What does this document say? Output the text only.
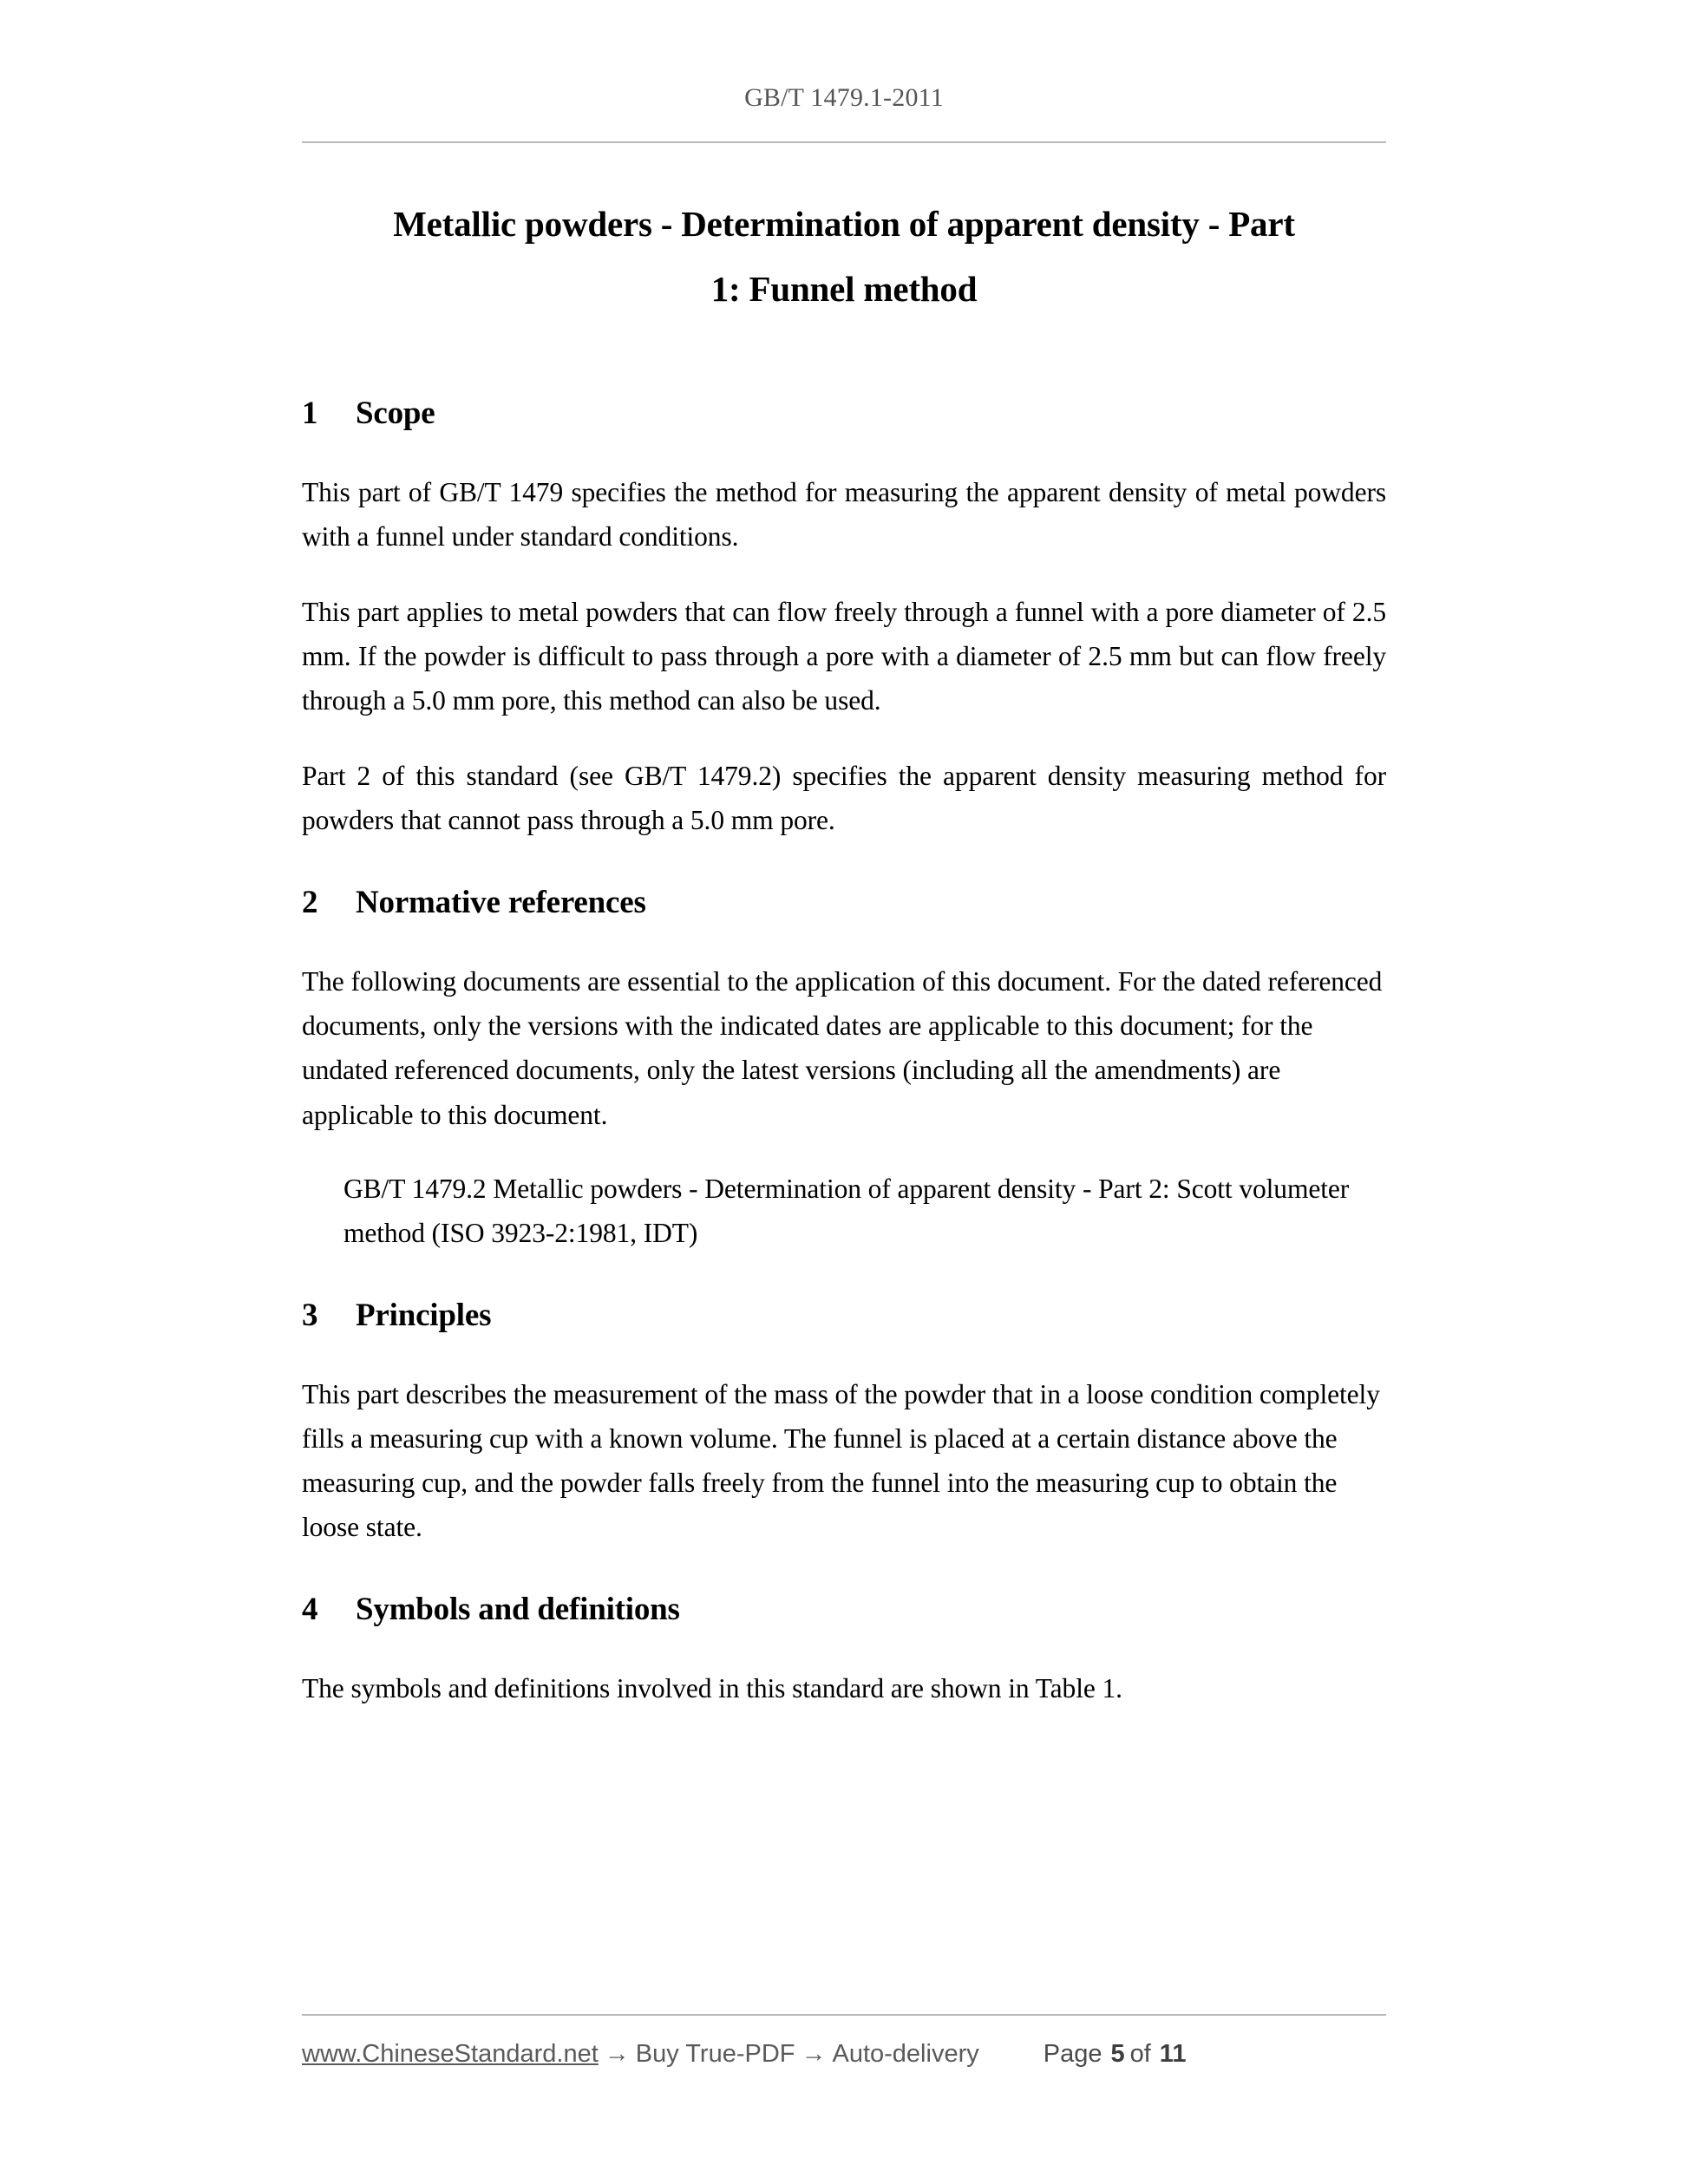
GB/T 1479.1-2011
Metallic powders - Determination of apparent density - Part
1: Funnel method
1 Scope

This part of GB/T 1479 specifies the method for measuring the apparent density of metal powders with a funnel under standard conditions.

This part applies to metal powders that can flow freely through a funnel with a pore diameter of 2.5 mm. If the powder is difficult to pass through a pore with a diameter of 2.5 mm but can flow freely through a 5.0 mm pore, this method can also be used.

Part 2 of this standard (see GB/T 1479.2) specifies the apparent density measuring method for powders that cannot pass through a 5.0 mm pore.

2 Normative references

The following documents are essential to the application of this document. For the dated referenced documents, only the versions with the indicated dates are applicable to this document; for the undated referenced documents, only the latest versions (including all the amendments) are applicable to this document.

GB/T 1479.2 Metallic powders - Determination of apparent density - Part 2: Scott volumeter method (ISO 3923-2:1981, IDT)

3 Principles

This part describes the measurement of the mass of the powder that in a loose condition completely fills a measuring cup with a known volume. The funnel is placed at a certain distance above the measuring cup, and the powder falls freely from the funnel into the measuring cup to obtain the loose state.

4 Symbols and definitions

The symbols and definitions involved in this standard are shown in Table 1.

www.ChineseStandard.net → Buy True-PDF → Auto-delivery	Page 5 of 11
